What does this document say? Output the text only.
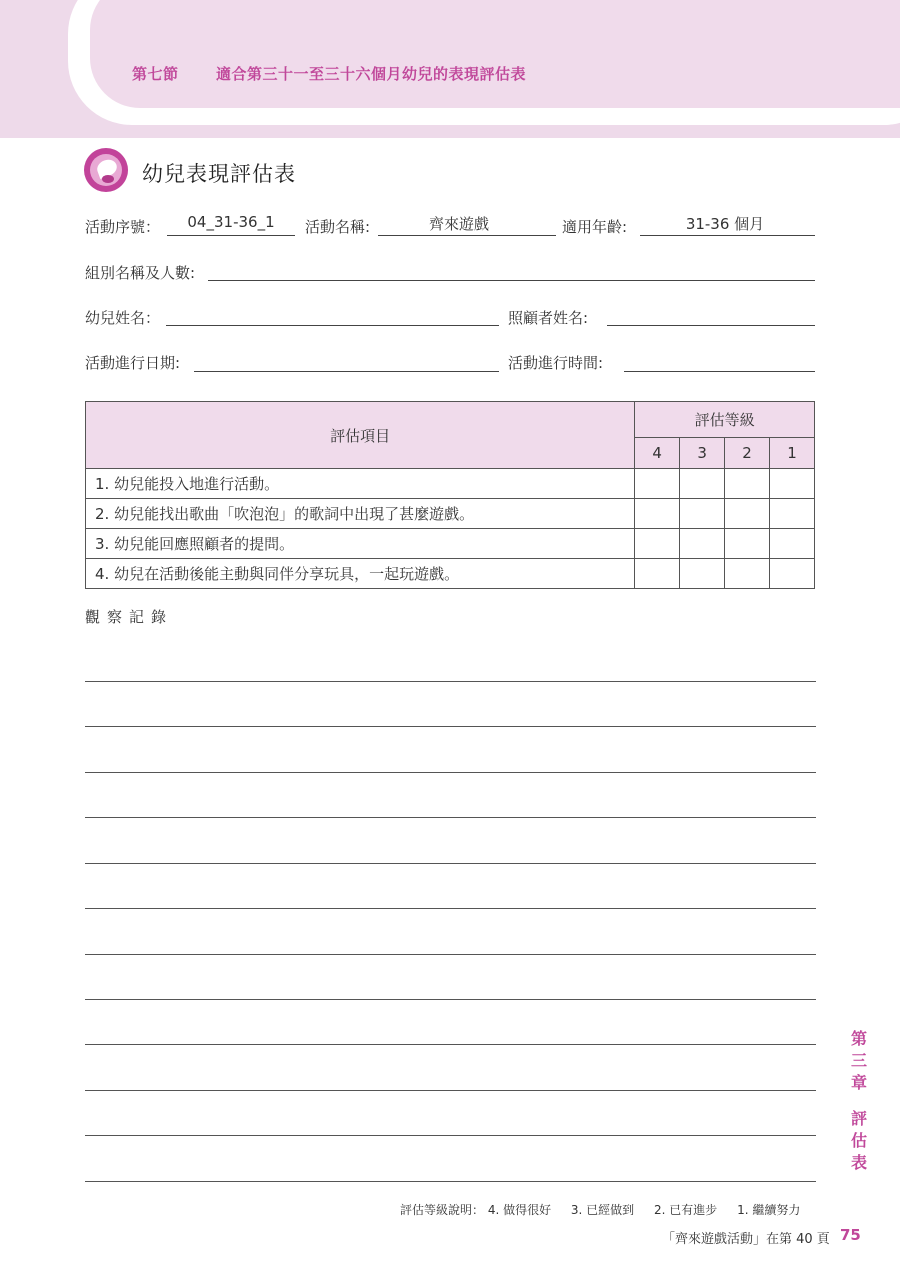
第七節 適合第三十一至三十六個月幼兒的表現評估表
幼兒表現評估表
活動序號：	04_31-36_1	活動名稱:	齊來遊戲	適用年齡:	31-36 個月
組別名稱及人數:
幼兒姓名：	照顧者姓名:
活動進行日期:	活動進行時間:
評估項目	評估等級			
	4	3	2	1
1. 幼兒能投入地進行活動。				
2. 幼兒能找出歌曲「吹泡泡」的歌詞中出現了甚麼遊戲。				
3. 幼兒能回應照顧者的提問。				
4. 幼兒在活動後能主動與同伴分享玩具，一起玩遊戲。				
觀察記錄
第
三
章
評
估
表
評估等級說明： 4. 做得很好 3. 已經做到 2. 已有進步 1. 繼續努力
「齊來遊戲活動」在第 40 頁 75
